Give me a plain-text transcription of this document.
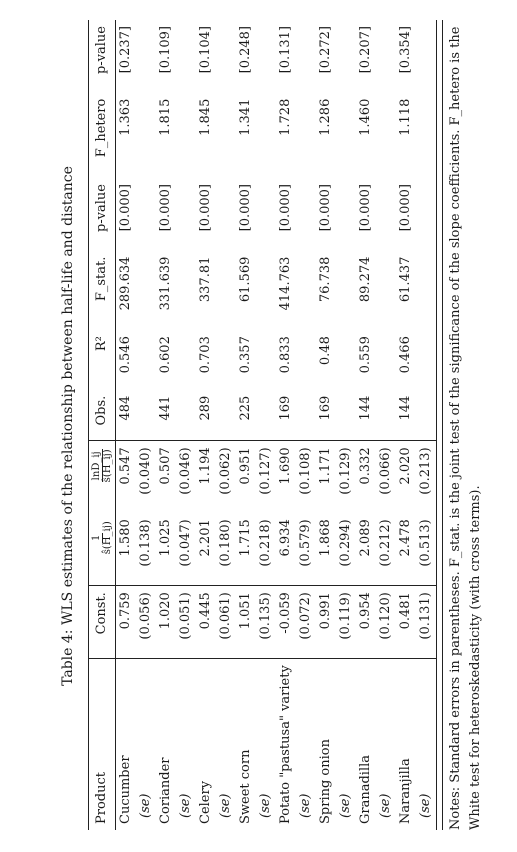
Table 4: WLS estimates of the relationship between half-life and distance
Product	Const.	1 ŝ(H_ij)	lnD_ij ŝ(H_ij)	Obs.	R²	F_stat.	p-value	F_hetero	p-value
Cucumber	0.759	1.580	0.547	484	0.546	289.634	[0.000]	1.363	[0.237]
(se)	(0.056)	(0.138)	(0.040)						
Coriander	1.020	1.025	0.507	441	0.602	331.639	[0.000]	1.815	[0.109]
(se)	(0.051)	(0.047)	(0.046)						
Celery	0.445	2.201	1.194	289	0.703	337.81	[0.000]	1.845	[0.104]
(se)	(0.061)	(0.180)	(0.062)						
Sweet corn	1.051	1.715	0.951	225	0.357	61.569	[0.000]	1.341	[0.248]
(se)	(0.135)	(0.218)	(0.127)						
Potato "pastusa" variety	-0.059	6.934	1.690	169	0.833	414.763	[0.000]	1.728	[0.131]
(se)	(0.072)	(0.579)	(0.108)						
Spring onion	0.991	1.868	1.171	169	0.48	76.738	[0.000]	1.286	[0.272]
(se)	(0.119)	(0.294)	(0.129)						
Granadilla	0.954	2.089	0.332	144	0.559	89.274	[0.000]	1.460	[0.207]
(se)	(0.120)	(0.212)	(0.066)						
Naranjilla	0.481	2.478	2.020	144	0.466	61.437	[0.000]	1.118	[0.354]
(se)	(0.131)	(0.513)	(0.213)							Notes: Standard errors in parentheses. F_stat. is the joint test of the significance of the slope coefficients. F_hetero is the White test for heteroskedasticity (with cross terms).
